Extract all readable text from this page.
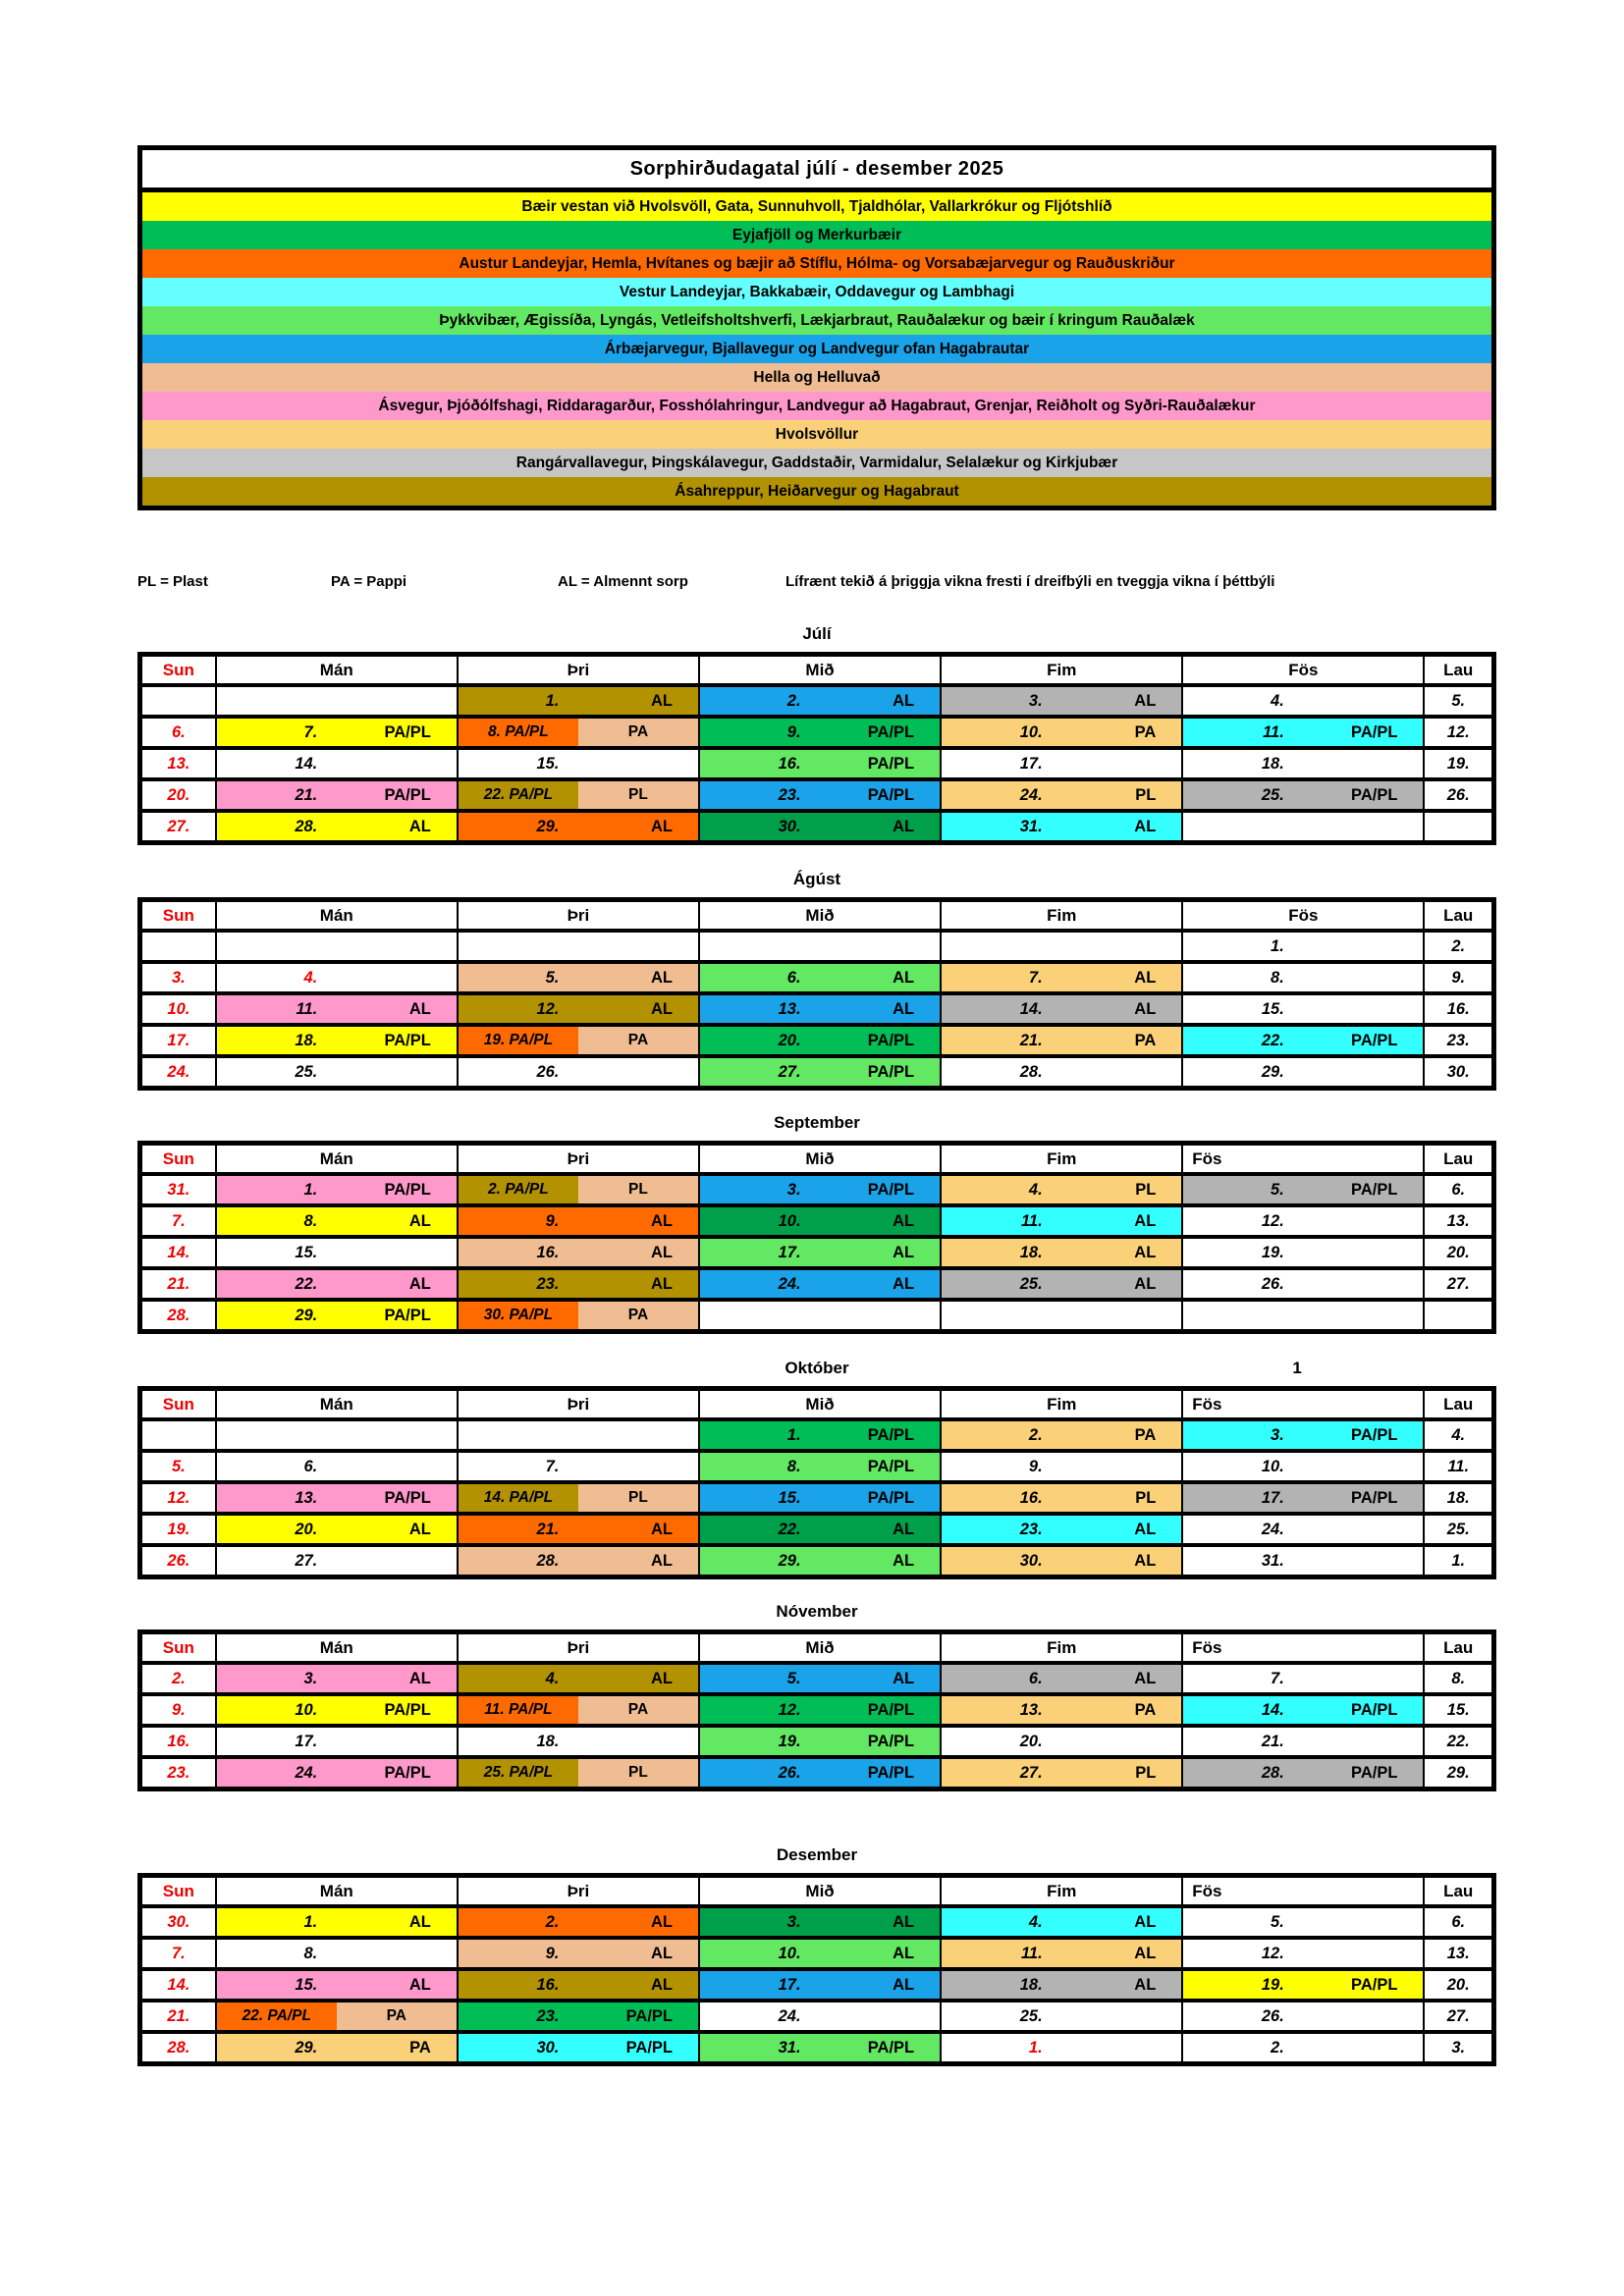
Sorphirðudagatal júlí - desember 2025
Bæir vestan við Hvolsvöll, Gata, Sunnuhvoll, Tjaldhólar, Vallarkrókur og Fljótshlíð
Eyjafjöll og Merkurbæir
Austur Landeyjar, Hemla, Hvítanes og bæjir að Stíflu, Hólma- og Vorsabæjarvegur og Rauðuskriður
Vestur Landeyjar, Bakkabæir, Oddavegur og Lambhagi
Þykkvibær, Ægissíða, Lyngás, Vetleifsholtshverfi, Lækjarbraut, Rauðalækur og bæir í kringum Rauðalæk
Árbæjarvegur, Bjallavegur og Landvegur ofan Hagabrautar
Hella og Helluvað
Ásvegur, Þjóðólfshagi, Riddaragarður, Fosshólahringur, Landvegur að Hagabraut, Grenjar, Reiðholt og Syðri-Rauðalækur
Hvolsvöllur
Rangárvallavegur, Þingskálavegur, Gaddstaðir, Varmidalur, Selalækur og Kirkjubær
Ásahreppur, Heiðarvegur og Hagabraut
PL = Plast	PA = Pappi	AL = Almennt sorp	Lífrænt tekið á þriggja vikna fresti í dreifbýli en tveggja vikna í þéttbýli
Júlí
Sun	Mán	Þri	Mið	Fim	Fös	Lau

		1. AL	2. AL	3. AL	4.	5.

6.	7.	PA/PL	8. PA/PL	PA	9.	PA/PL	10.	PA	11.	PA/PL	12.

13.	14.	15.	16. PA/PL	17.	18.	19.

20.	21.	PA/PL	22. PA/PL	PL	23.	PA/PL	24.	PL	25.	PA/PL	26.

27.	28. AL	29. AL	30. AL	31. AL		

Ágúst
Sun	Mán	Þri	Mið	Fim	Fös	Lau

					1.	2.

3.	4.	5. AL	6. AL	7. AL	8.	9.

10.	11. AL	12. AL	13. AL	14. AL	15.	16.

17.	18.	PA/PL	19. PA/PL	PA	20.	PA/PL	21.	PA	22.	PA/PL	23.

24.	25.	26.	27. PA/PL	28.	29.	30.
September
Sun	Mán	Þri	Mið	Fim	Fös	Lau

31.	1.	PA/PL	2. PA/PL	PL	3.	PA/PL	4.	PL	5.	PA/PL	6.

7.	8. AL	9. AL	10. AL	11. AL	12.	13.

14.	15.	16. AL	17. AL	18. AL	19.	20.

21.	22. AL	23. AL	24. AL	25. AL	26.	27.

28.	29.	PA/PL	30. PA/PL	PA

Október	1
Sun	Mán	Þri	Mið	Fim	Fös	Lau

			1. PA/PL	2. PA	3. PA/PL	4.

5.	6.	7.	8. PA/PL	9.	10.	11.

12.	13.	PA/PL	14. PA/PL	PL	15.	PA/PL	16.	PL	17.	PA/PL	18.

19.	20. AL	21. AL	22. AL	23. AL	24.	25.

26.	27.	28. AL	29. AL	30. AL	31.	1.
Nóvember
Sun	Mán	Þri	Mið	Fim	Fös	Lau

2.	3. AL	4. AL	5. AL	6. AL	7.	8.

9.	10.	PA/PL	11. PA/PL	PA	12.	PA/PL	13.	PA	14.	PA/PL	15.

16.	17.	18.	19. PA/PL	20.	21.	22.

23.	24.	PA/PL	25. PA/PL	PL	26.	PA/PL	27.	PL	28.	PA/PL	29.
Desember
Sun	Mán	Þri	Mið	Fim	Fös	Lau

30.	1. AL	2. AL	3. AL	4. AL	5.	6.

7.	8.	9. AL	10. AL	11. AL	12.	13.

14.	15. AL	16. AL	17. AL	18. AL	19. PA/PL	20.

21.	22. PA/PL	PA	23.	PA/PL	24.	25.	26.	27.

28.	29. PA	30. PA/PL	31. PA/PL	1.	2.	3.
